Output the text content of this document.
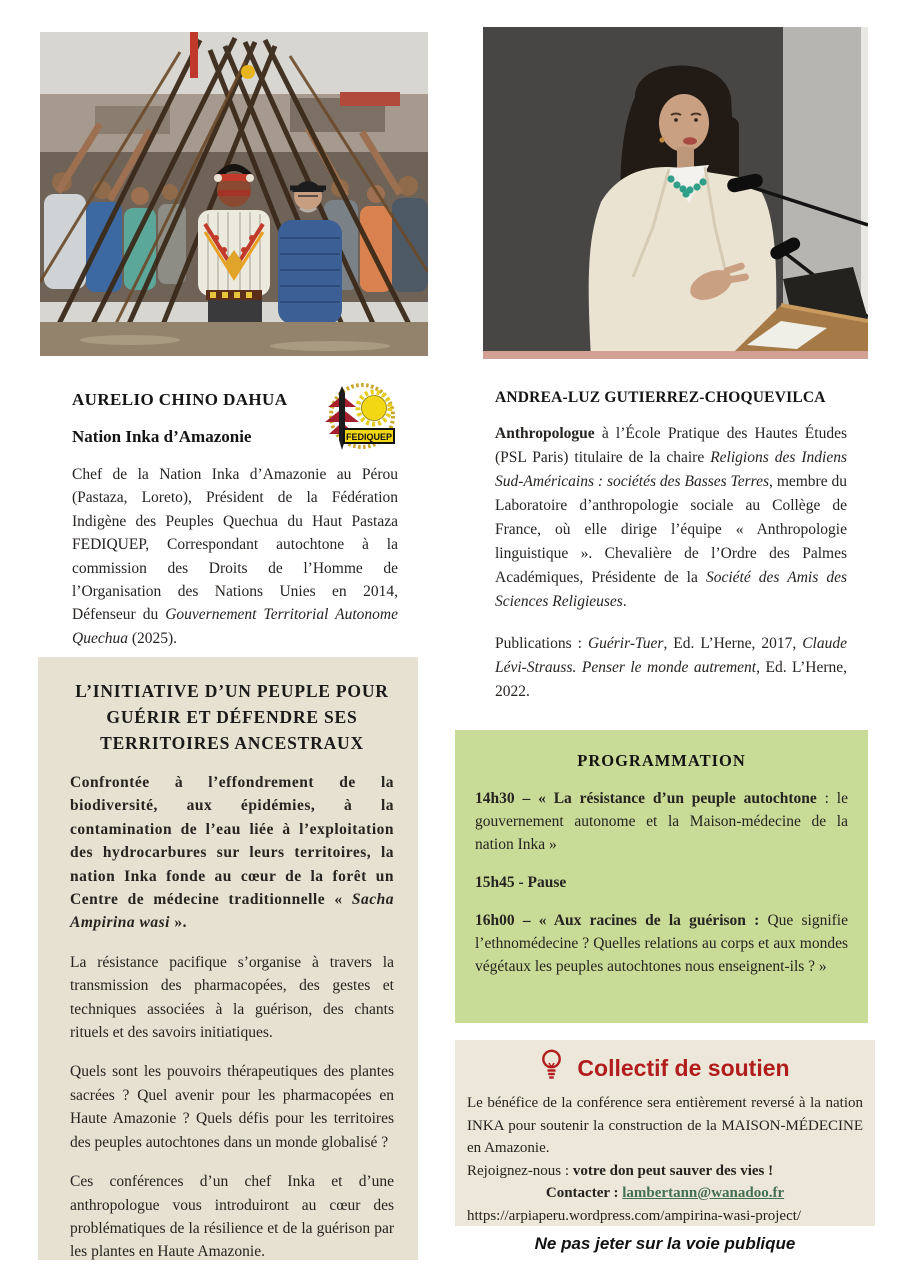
FEDIQUEP
AURELIO CHINO DAHUA
Nation Inka d’Amazonie

Chef de la Nation Inka d’Amazonie au Pérou (Pastaza, Loreto), Président de la Fédération Indigène des Peuples Quechua du Haut Pastaza FEDIQUEP, Correspondant autochtone à la commission des Droits de l’Homme de l’Organisation des Nations Unies en 2014, Défenseur du Gouvernement Territorial Autonome Quechua (2025).

ANDREA-LUZ GUTIERREZ-CHOQUEVILCA

Anthropologue à l’École Pratique des Hautes Études (PSL Paris) titulaire de la chaire Religions des Indiens Sud-Américains : sociétés des Basses Terres, membre du Laboratoire d’anthropologie sociale au Collège de France, où elle dirige l’équipe « Anthropologie linguistique ». Chevalière de l’Ordre des Palmes Académiques, Présidente de la Société des Amis des Sciences Religieuses.

Publications : Guérir-Tuer, Ed. L’Herne, 2017, Claude Lévi-Strauss. Penser le monde autrement, Ed. L’Herne, 2022.

L’INITIATIVE D’UN PEUPLE POUR GUÉRIR ET DÉFENDRE SES TERRITOIRES ANCESTRAUX

Confrontée à l’effondrement de la biodiversité, aux épidémies, à la contamination de l’eau liée à l’exploitation des hydrocarbures sur leurs territoires, la nation Inka fonde au cœur de la forêt un Centre de médecine traditionnelle « Sacha Ampirina wasi ».

La résistance pacifique s’organise à travers la transmission des pharmacopées, des gestes et techniques associées à la guérison, des chants rituels et des savoirs initiatiques.

Quels sont les pouvoirs thérapeutiques des plantes sacrées ? Quel avenir pour les pharmacopées en Haute Amazonie ? Quels défis pour les territoires des peuples autochtones dans un monde globalisé ?

Ces conférences d’un chef Inka et d’une anthropologue vous introduiront au cœur des problématiques de la résilience et de la guérison par les plantes en Haute Amazonie.

PROGRAMMATION

14h30 – « La résistance d’un peuple autochtone : le gouvernement autonome et la Maison-médecine de la nation Inka »

15h45 - Pause

16h00 – « Aux racines de la guérison : Que signifie l’ethnomédecine ? Quelles relations au corps et aux mondes végétaux les peuples autochtones nous enseignent-ils ? »

Collectif de soutien

Le bénéfice de la conférence sera entièrement reversé à la nation INKA pour soutenir la construction de la MAISON-MÉDECINE en Amazonie.

Rejoignez-nous : votre don peut sauver des vies !

Contacter : lambertann@wanadoo.fr

https://arpiaperu.wordpress.com/ampirina-wasi-project/

Ne pas jeter sur la voie publique
